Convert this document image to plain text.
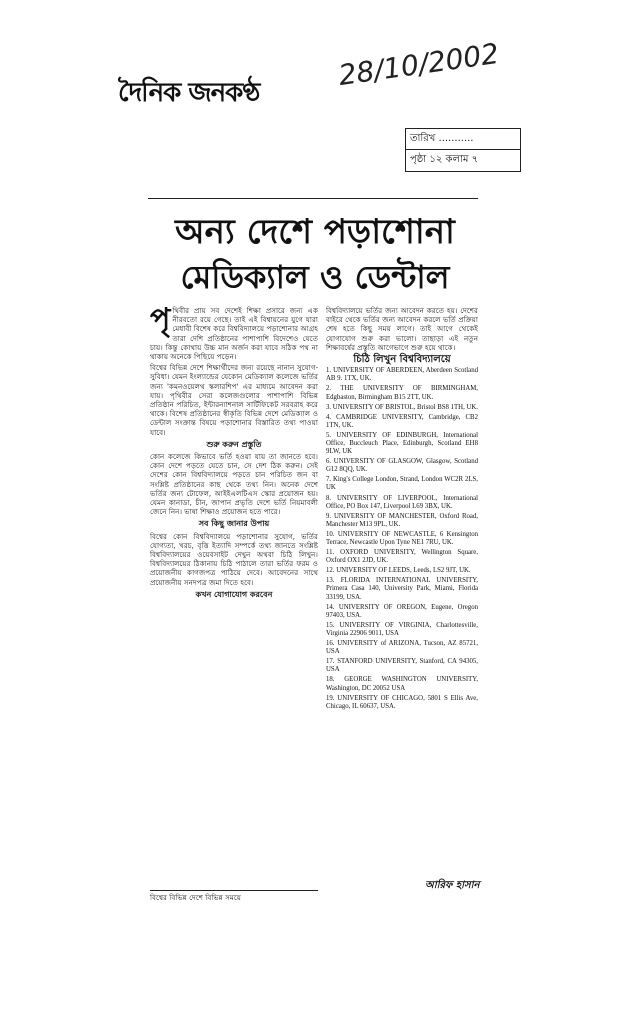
দৈনিক জনকণ্ঠ
28/10/2002
তারিখ ...........
পৃষ্ঠা ১২ কলাম ৭
অন্য দেশে পড়াশোনা
মেডিক্যাল ও ডেন্টাল
পৃ থিবীর প্রায় সব দেশেই শিক্ষা প্রসারে জন্য এক নীরবতো রয়ে গেছে। তাই এই বিশ্বায়নের যুগে যারা মেধাবী বিশেষ করে বিশ্ববিদ্যালয়ে পড়াশোনার আগ্রহ তারা দেশি প্রতিষ্ঠানের পাশাপাশি বিদেশেও যেতে চায়। কিন্তু কোথায় উচ্চ মান অর্জন করা যাবে সঠিক পথ না থাকায় অনেকে পিছিয়ে পড়েন।

বিশ্বের বিভিন্ন দেশে শিক্ষার্থীদের জন্য রয়েছে নানান সুযোগ-সুবিধা। যেমন ইংল্যান্ডের যেকোন মেডিক্যাল কলেজে ভর্তির জন্য 'কমনওয়েলথ স্কলারশিপ' এর মাধ্যমে আবেদন করা যায়। পৃথিবীর সেরা কলেজগুলোর পাশাপাশি বিভিন্ন প্রতিষ্ঠান পরিচিত, ইন্টারন্যাশনাল সার্টিফিকেট সরবরাহ করে থাকে। বিশেষ প্রতিষ্ঠানের স্বীকৃতি বিভিন্ন দেশে মেডিক্যাল ও ডেন্টাল সংক্রান্ত বিষয়ে পড়াশোনার বিস্তারিত তথ্য পাওয়া যাবে।

শুরু করুন প্রস্তুতি

কোন কলেজে কিভাবে ভর্তি হওয়া যায় তা জানতে হবে। কোন দেশে পড়তে যেতে চান, সে দেশ ঠিক করুন। সেই দেশের কোন বিশ্ববিদ্যালয়ে পড়তে চান পরিচিত জন বা সংশ্লিষ্ট প্রতিষ্ঠানের কাছ থেকে তথ্য নিন। অনেক দেশে ভর্তির জন্য টোফেল, আইইএলটিএস স্কোর প্রয়োজন হয়। যেমন কানাডা, চীন, জাপান প্রভৃতি দেশে ভর্তি নিয়মাবলী জেনে নিন। ভাষা শিক্ষাও প্রয়োজন হতে পারে।

সব কিছু জানার উপায়

বিশ্বের কোন বিশ্ববিদ্যালয়ে পড়াশোনার সুযোগ, ভর্তির যোগ্যতা, খরচ, বৃত্তি ইত্যাদি সম্পর্কে তথ্য জানতে সংশ্লিষ্ট বিশ্ববিদ্যালয়ের ওয়েবসাইট দেখুন অথবা চিঠি লিখুন। বিশ্ববিদ্যালয়ের ঠিকানায় চিঠি পাঠালে তারা ভর্তির ফরম ও প্রয়োজনীয় কাগজপত্র পাঠিয়ে দেবে। আবেদনের সাথে প্রয়োজনীয় সনদপত্র জমা দিতে হবে।

কখন যোগাযোগ করবেন
বিশ্বের বিভিন্ন দেশে বিভিন্ন সময়ে

বিশ্ববিদ্যালয়ে ভর্তির জন্য আবেদন করতে হয়। দেশের বাইরে থেকে ভর্তির জন্য আবেদন করলে ভর্তি প্রক্রিয়া শেষ হতে কিছু সময় লাগে। তাই আগে থেকেই যোগাযোগ শুরু করা ভালো। তাছাড়া এই নতুন শিক্ষাবর্ষের প্রস্তুতি আগেভাগে শুরু হয়ে থাকে।

চিঠি লিখুন বিশ্ববিদ্যালয়ে

1. UNIVERSITY OF ABERDEEN, Aberdeen Scotland AB 9. 1TX, UK.

2. THE UNIVERSITY OF BIRMINGHAM, Edgbaston, Birmingham B15 2TT, UK.

3. UNIVERSITY OF BRISTOL, Bristol BS8 1TH, UK.

4. CAMBRIDGE UNIVERSITY, Cambridge, CB2 1TN, UK.

5. UNIVERSITY OF EDINBURGH, International Office, Buccleuch Place, Edinburgh, Scotland EH8 9LW, UK

6. UNIVERSITY OF GLASGOW, Glasgow, Scotland G12 8QQ, UK.

7. King's College London, Strand, London WC2R 2LS, UK

8. UNIVERSITY OF LIVERPOOL, International Office, PO Box 147, Liverpool L69 3BX, UK.

9. UNIVERSITY OF MANCHESTER, Oxford Road, Manchester M13 9PL, UK.

10. UNIVERSITY OF NEWCASTLE, 6 Kensington Terrace, Newcastle Upon Tyne NE1 7RU, UK.

11. OXFORD UNIVERSITY, Wellington Square, Oxford OX1 2JD, UK.

12. UNIVERSITY OF LEEDS, Leeds, LS2 9JT, UK.

13. FLORIDA INTERNATIONAL UNIVERSITY, Primera Casa 140, University Park, Miami, Florida 33199, USA.

14. UNIVERSITY OF OREGON, Eugene, Oregon 97403, USA.

15. UNIVERSITY OF VIRGINIA, Charlottesville, Virginia 22906 9011, USA

16. UNIVERSITY of ARIZONA, Tucson, AZ 85721, USA

17. STANFORD UNIVERSITY, Stanford, CA 94305, USA

18. GEORGE WASHINGTON UNIVERSITY, Washington, DC 20052 USA

19. UNIVERSITY OF CHICAGO, 5801 S Ellis Ave, Chicago, IL 60637, USA.

আরিফ হাসান
